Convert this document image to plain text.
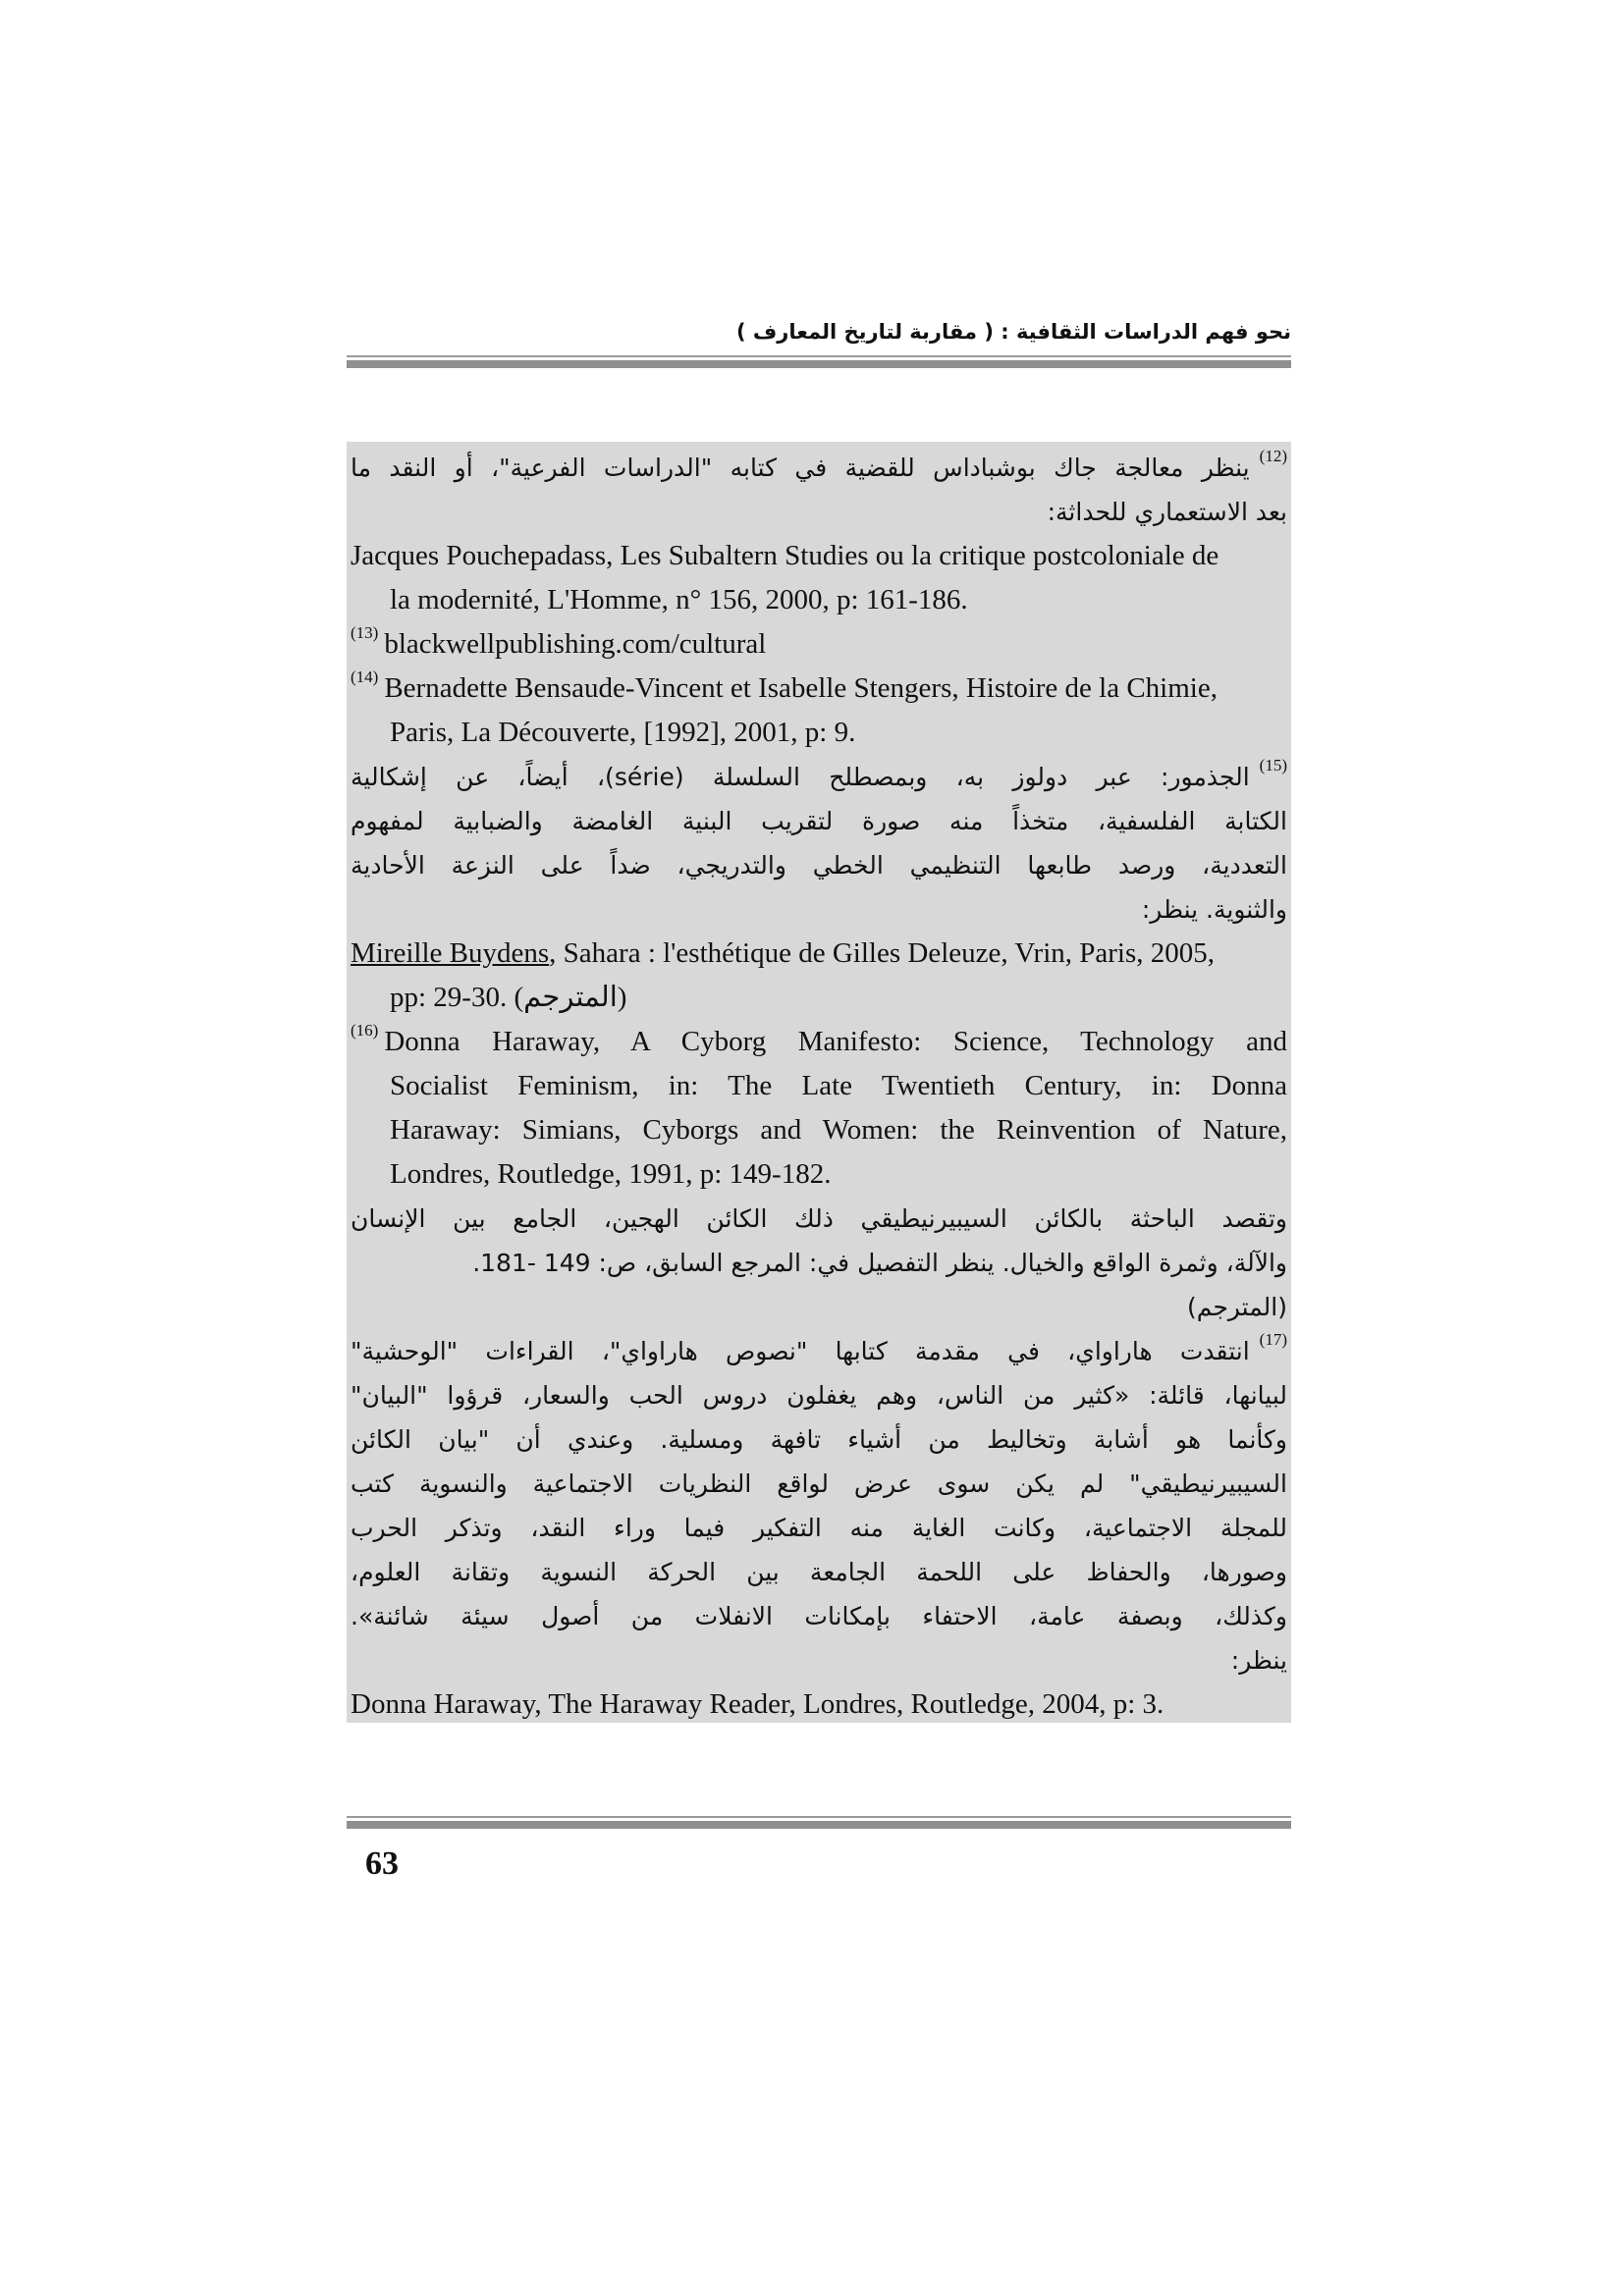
نحو فهم الدراسات الثقافية : ( مقاربة لتاريخ المعارف )
$^{(12)}$ينظر معالجة جاك بوشباداس للقضية في كتابه "الدراسات الفرعية"، أو النقد ما
بعد الاستعماري للحداثة:
Jacques Pouchepadass, Les Subaltern Studies ou la critique postcoloniale de
la modernité, L'Homme, n° 156, 2000, p: 161-186.
$^{(13)}$ blackwellpublishing.com/cultural
$^{(14)}$ Bernadette Bensaude-Vincent et Isabelle Stengers, Histoire de la Chimie,
Paris, La Découverte, [1992], 2001, p: 9.
$^{(15)}$الجذمور: عبر دولوز به، وبمصطلح السلسلة (série)، أيضاً، عن إشكالية
الكتابة الفلسفية، متخذاً منه صورة لتقريب البنية الغامضة والضبابية لمفهوم
التعددية، ورصد طابعها التنظيمي الخطي والتدريجي، ضداً على النزعة الأحادية
والثنوية. ينظر:
Mireille Buydens, Sahara : l'esthétique de Gilles Deleuze, Vrin, Paris, 2005,
pp: 29-30. (المترجم)
$^{(16)}$ Donna Haraway, A Cyborg Manifesto: Science, Technology and
Socialist Feminism, in: The Late Twentieth Century, in: Donna
Haraway: Simians, Cyborgs and Women: the Reinvention of Nature,
Londres, Routledge, 1991, p: 149-182.
وتقصد الباحثة بالكائن السيبيرنيطيقي ذلك الكائن الهجين، الجامع بين الإنسان
والآلة، وثمرة الواقع والخيال. ينظر التفصيل في: المرجع السابق، ص: 149 -181.
(المترجم)
$^{(17)}$انتقدت هاراواي، في مقدمة كتابها "نصوص هاراواي"، القراءات "الوحشية"
لبيانها، قائلة: «كثير من الناس، وهم يغفلون دروس الحب والسعار، قرؤوا "البيان"
وكأنما هو أشابة وتخاليط من أشياء تافهة ومسلية. وعندي أن "بيان الكائن
السيبيرنيطيقي" لم يكن سوى عرض لواقع النظريات الاجتماعية والنسوية كتب
للمجلة الاجتماعية، وكانت الغاية منه التفكير فيما وراء النقد، وتذكر الحرب
وصورها، والحفاظ على اللحمة الجامعة بين الحركة النسوية وتقانة العلوم،
وكذلك، وبصفة عامة، الاحتفاء بإمكانات الانفلات من أصول سيئة شائنة».
ينظر:
Donna Haraway, The Haraway Reader, Londres, Routledge, 2004, p: 3.
63
